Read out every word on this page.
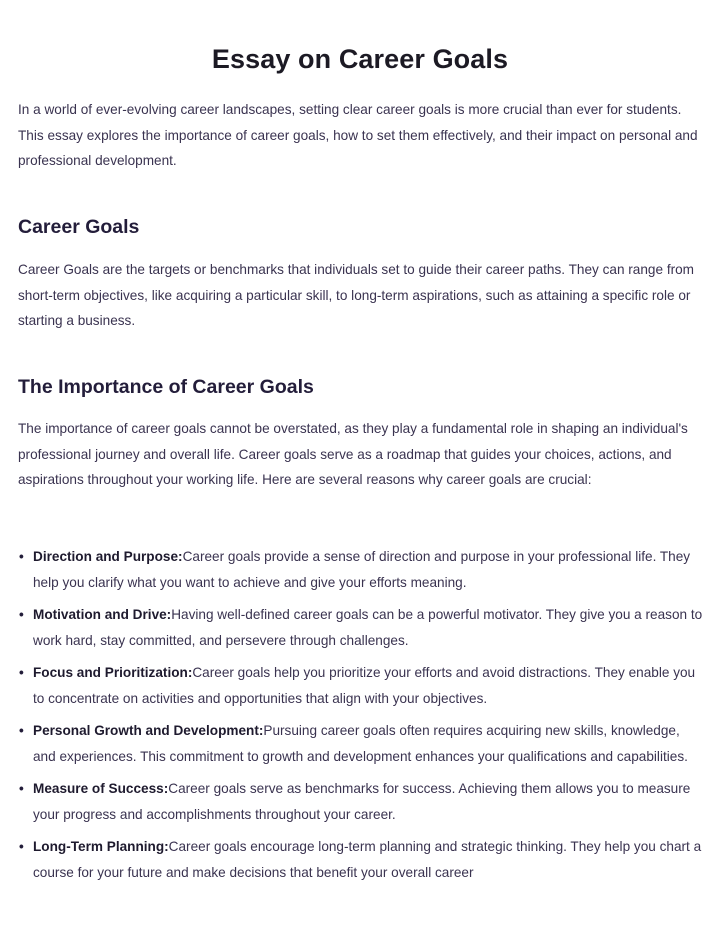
Essay on Career Goals

In a world of ever-evolving career landscapes, setting clear career goals is more crucial than ever for students. This essay explores the importance of career goals, how to set them effectively, and their impact on personal and professional development.

Career Goals

Career Goals are the targets or benchmarks that individuals set to guide their career paths. They can range from short-term objectives, like acquiring a particular skill, to long-term aspirations, such as attaining a specific role or starting a business.

The Importance of Career Goals

The importance of career goals cannot be overstated, as they play a fundamental role in shaping an individual's professional journey and overall life. Career goals serve as a roadmap that guides your choices, actions, and aspirations throughout your working life. Here are several reasons why career goals are crucial:

• Direction and Purpose:Career goals provide a sense of direction and purpose in your professional life. They help you clarify what you want to achieve and give your efforts meaning.
• Motivation and Drive:Having well-defined career goals can be a powerful motivator. They give you a reason to work hard, stay committed, and persevere through challenges.
• Focus and Prioritization:Career goals help you prioritize your efforts and avoid distractions. They enable you to concentrate on activities and opportunities that align with your objectives.
• Personal Growth and Development:Pursuing career goals often requires acquiring new skills, knowledge, and experiences. This commitment to growth and development enhances your qualifications and capabilities.
• Measure of Success:Career goals serve as benchmarks for success. Achieving them allows you to measure your progress and accomplishments throughout your career.
• Long-Term Planning:Career goals encourage long-term planning and strategic thinking. They help you chart a course for your future and make decisions that benefit your overall career
